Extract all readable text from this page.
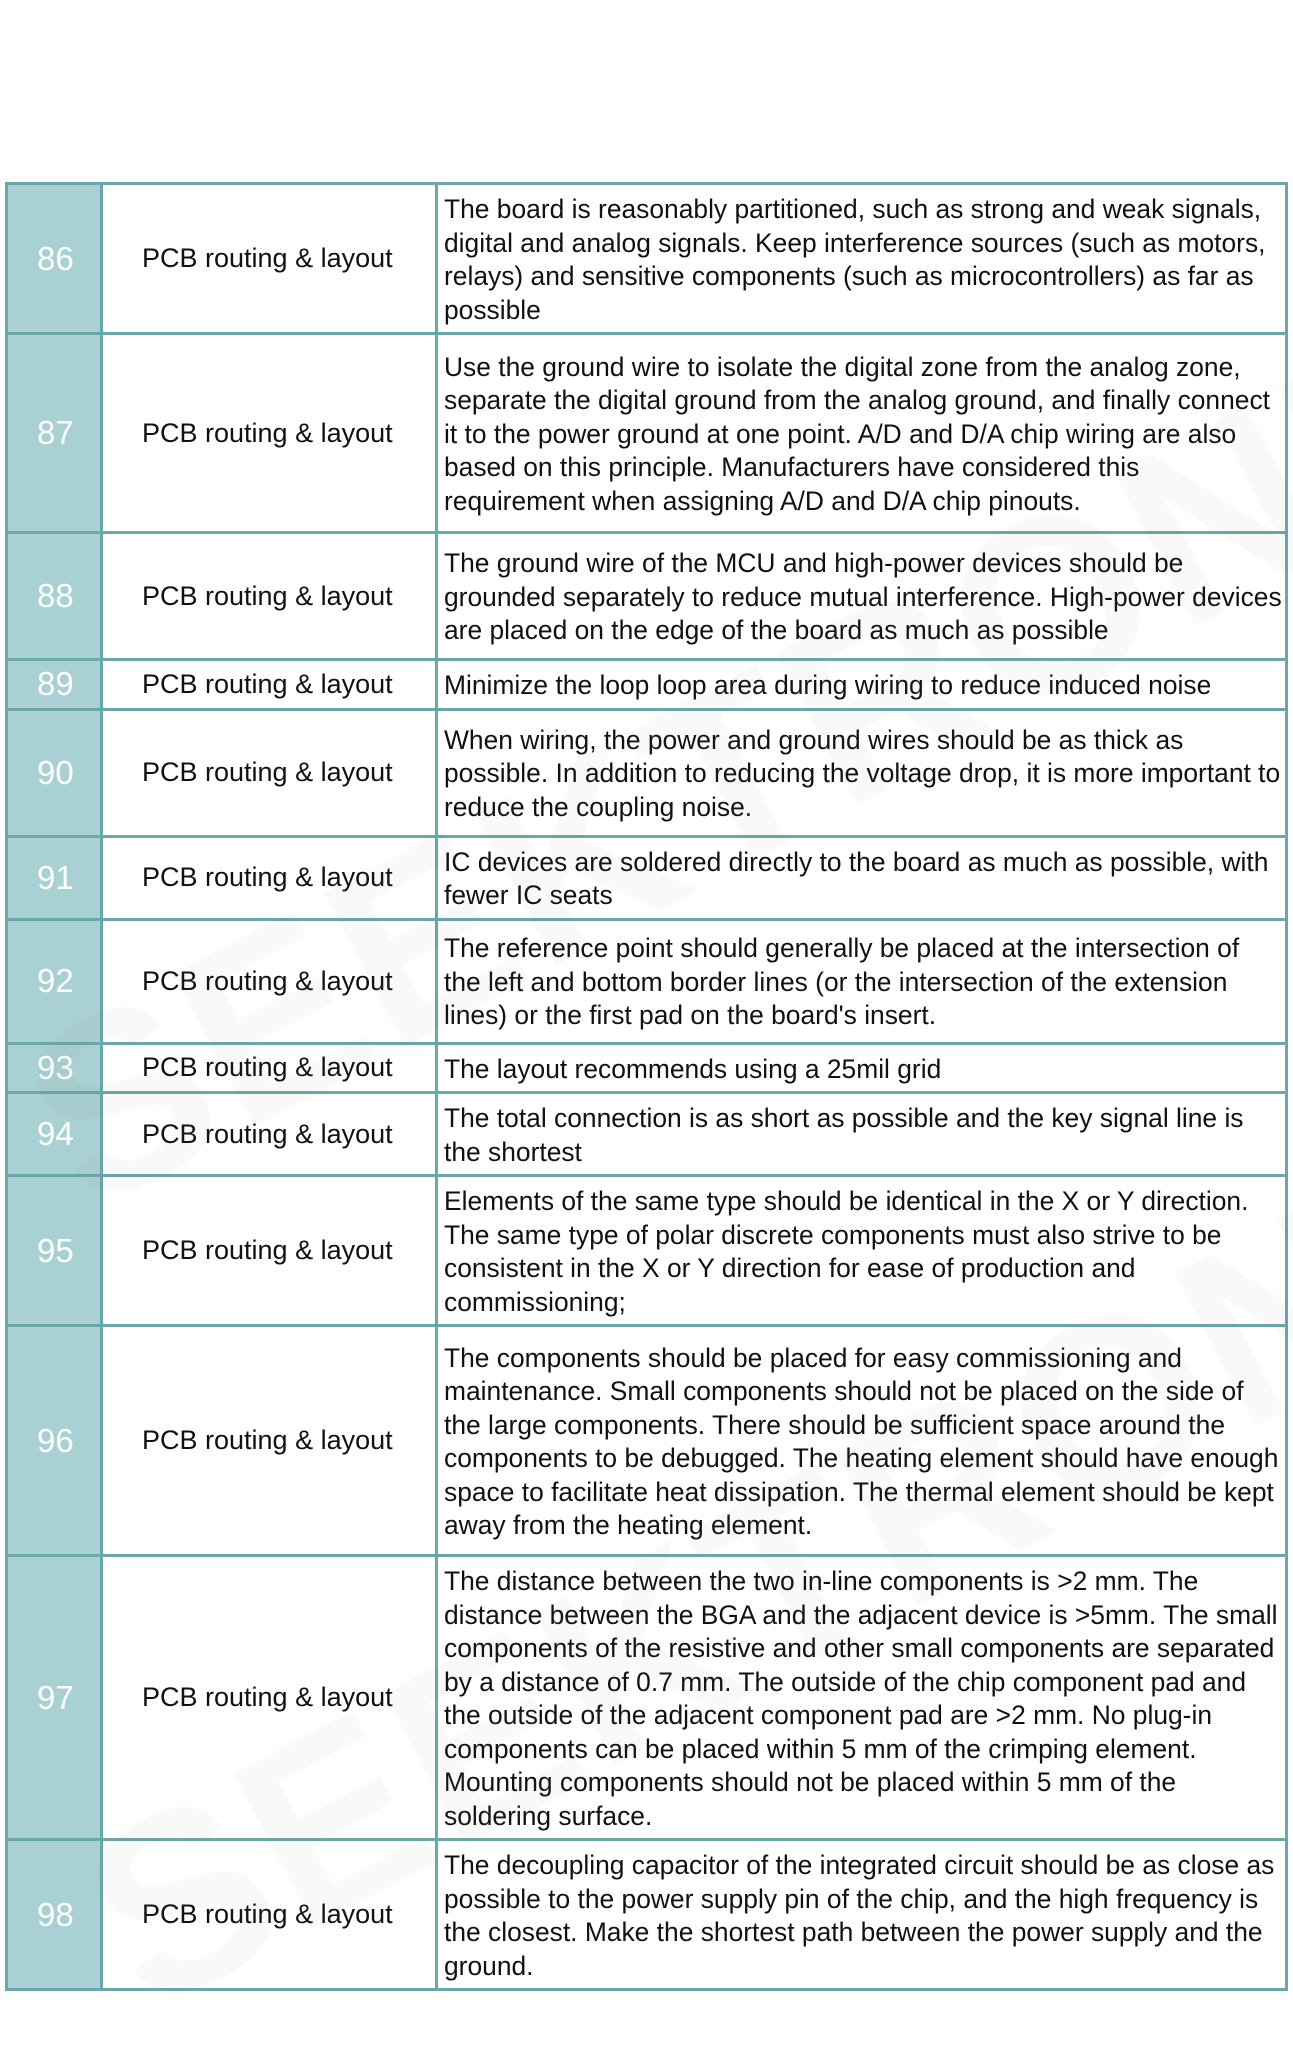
86	PCB routing & layout	The board is reasonably partitioned, such as strong and weak signals, digital and analog signals. Keep interference sources (such as motors, relays) and sensitive components (such as microcontrollers) as far as possible
87	PCB routing & layout	Use the ground wire to isolate the digital zone from the analog zone, separate the digital ground from the analog ground, and finally connect it to the power ground at one point. A/D and D/A chip wiring are also based on this principle. Manufacturers have considered this requirement when assigning A/D and D/A chip pinouts.
88	PCB routing & layout	The ground wire of the MCU and high-power devices should be grounded separately to reduce mutual interference. High-power devices are placed on the edge of the board as much as possible
89	PCB routing & layout	Minimize the loop loop area during wiring to reduce induced noise
90	PCB routing & layout	When wiring, the power and ground wires should be as thick as possible. In addition to reducing the voltage drop, it is more important to reduce the coupling noise.
91	PCB routing & layout	IC devices are soldered directly to the board as much as possible, with fewer IC seats
92	PCB routing & layout	The reference point should generally be placed at the intersection of the left and bottom border lines (or the intersection of the extension lines) or the first pad on the board's insert.
93	PCB routing & layout	The layout recommends using a 25mil grid
94	PCB routing & layout	The total connection is as short as possible and the key signal line is the shortest
95	PCB routing & layout	Elements of the same type should be identical in the X or Y direction. The same type of polar discrete components must also strive to be consistent in the X or Y direction for ease of production and commissioning;
96	PCB routing & layout	The components should be placed for easy commissioning and maintenance. Small components should not be placed on the side of the large components. There should be sufficient space around the components to be debugged. The heating element should have enough space to facilitate heat dissipation. The thermal element should be kept away from the heating element.
97	PCB routing & layout	The distance between the two in-line components is >2 mm. The distance between the BGA and the adjacent device is >5mm. The small components of the resistive and other small components are separated by a distance of 0.7 mm. The outside of the chip component pad and the outside of the adjacent component pad are >2 mm. No plug-in components can be placed within 5 mm of the crimping element. Mounting components should not be placed within 5 mm of the soldering surface.
98	PCB routing & layout	The decoupling capacitor of the integrated circuit should be as close as possible to the power supply pin of the chip, and the high frequency is the closest. Make the shortest path between the power supply and the ground.
